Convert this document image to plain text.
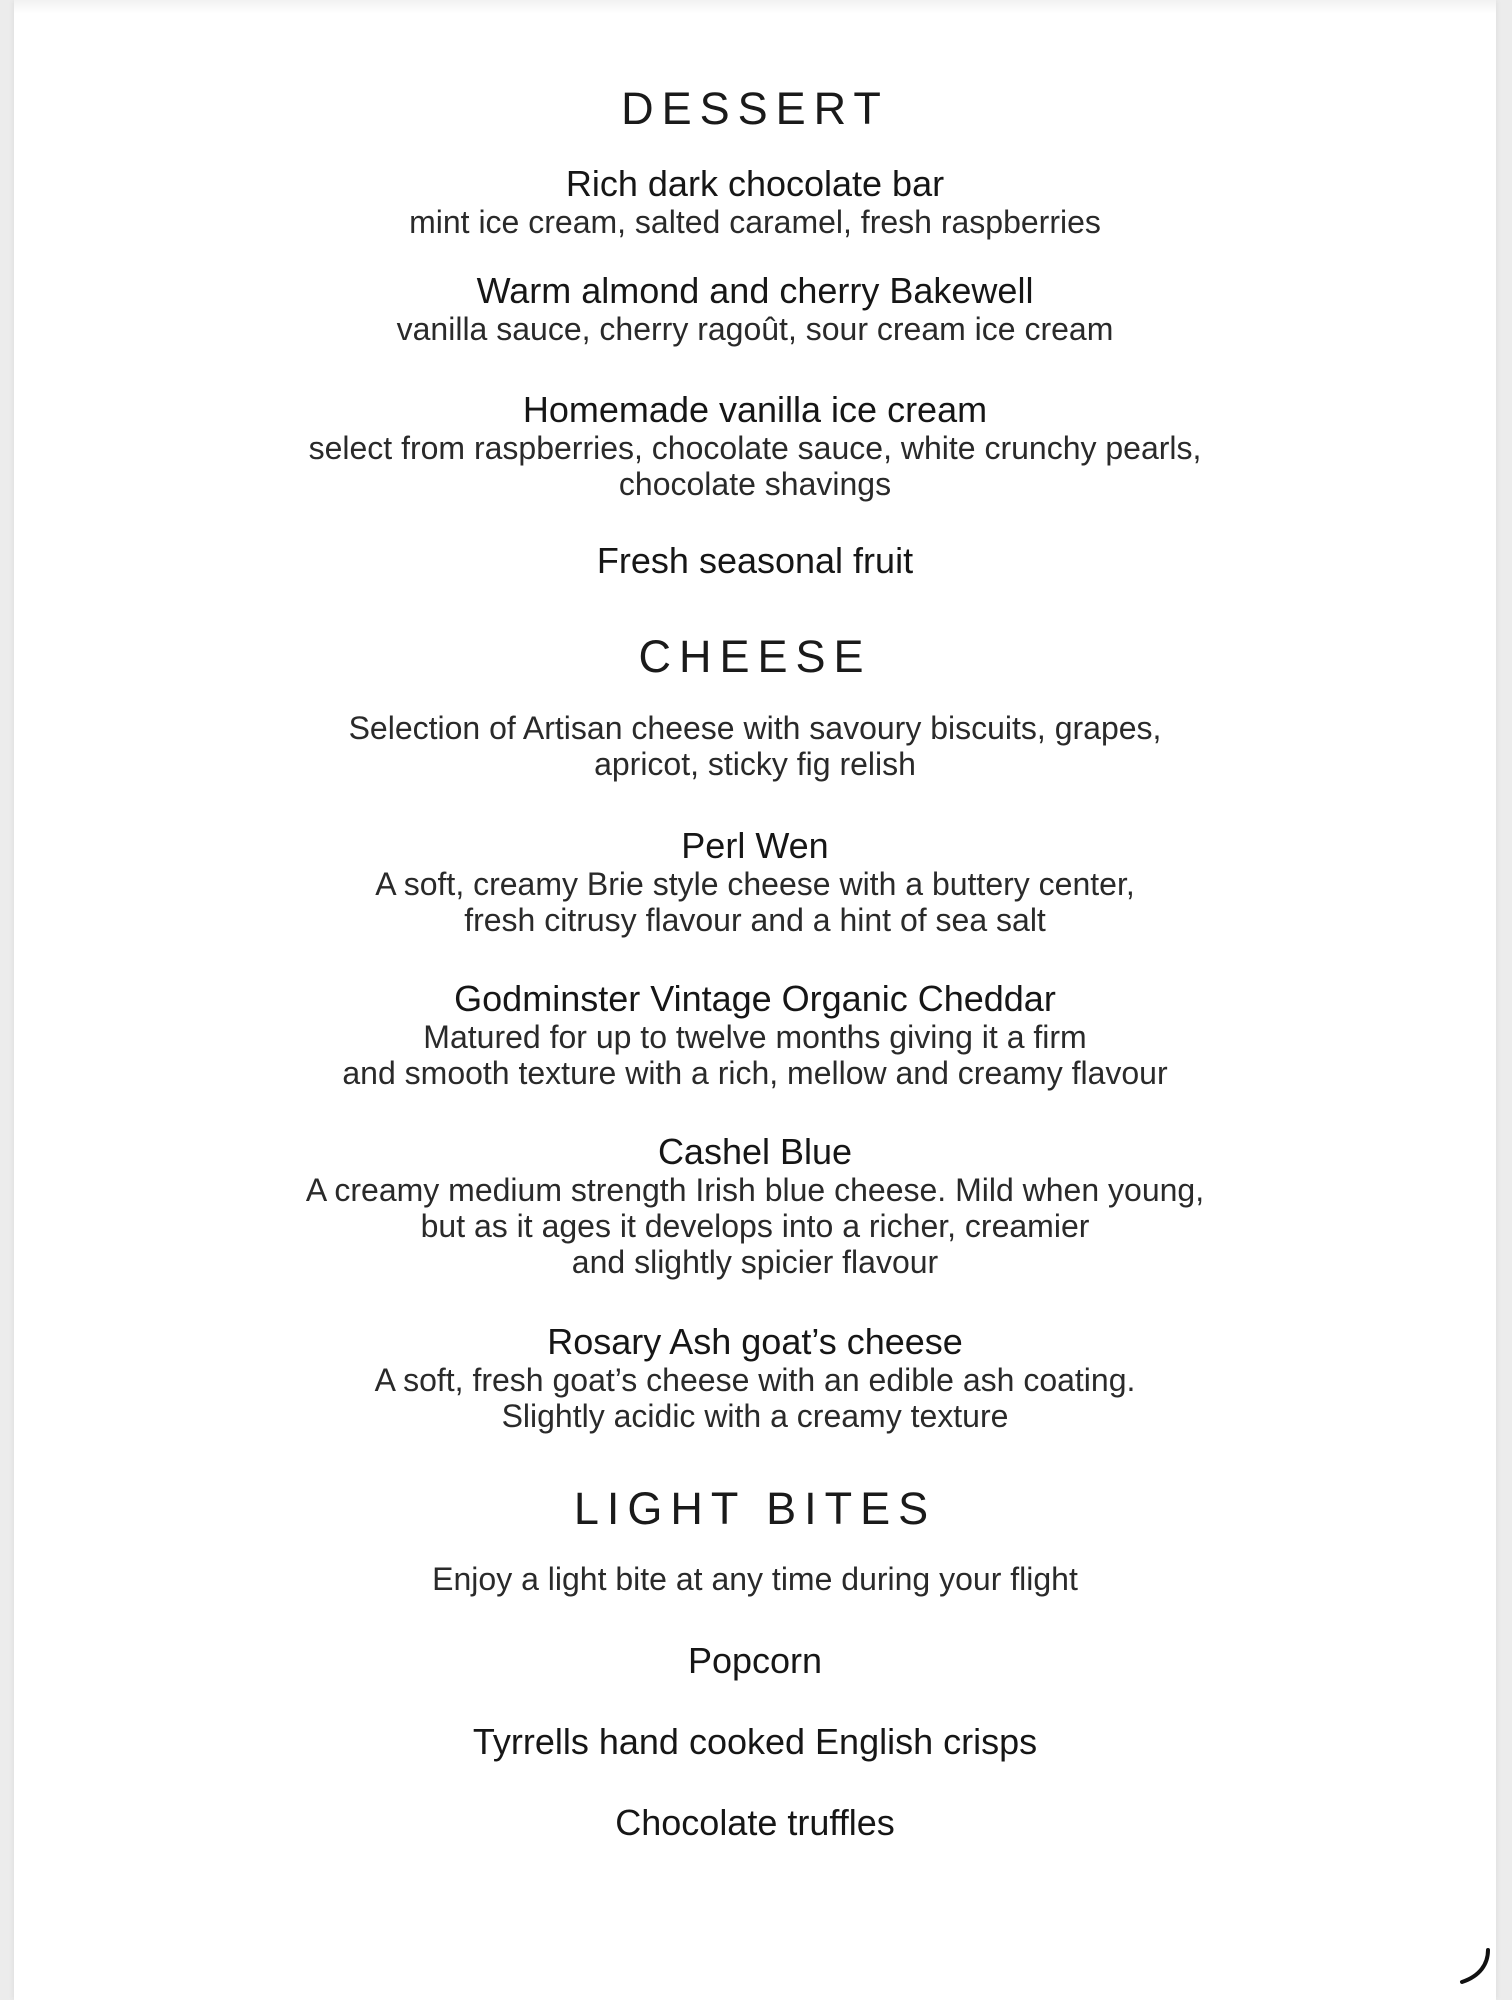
DESSERT

Rich dark chocolate bar

mint ice cream, salted caramel, fresh raspberries

Warm almond and cherry Bakewell

vanilla sauce, cherry ragoût, sour cream ice cream

Homemade vanilla ice cream

select from raspberries, chocolate sauce, white crunchy pearls,
chocolate shavings

Fresh seasonal fruit

CHEESE

Selection of Artisan cheese with savoury biscuits, grapes,
apricot, sticky fig relish

Perl Wen

A soft, creamy Brie style cheese with a buttery center,
fresh citrusy flavour and a hint of sea salt

Godminster Vintage Organic Cheddar

Matured for up to twelve months giving it a firm
and smooth texture with a rich, mellow and creamy flavour

Cashel Blue

A creamy medium strength Irish blue cheese. Mild when young,
but as it ages it develops into a richer, creamier
and slightly spicier flavour

Rosary Ash goat’s cheese

A soft, fresh goat’s cheese with an edible ash coating.
Slightly acidic with a creamy texture

LIGHT BITES

Enjoy a light bite at any time during your flight

Popcorn

Tyrrells hand cooked English crisps

Chocolate truffles
